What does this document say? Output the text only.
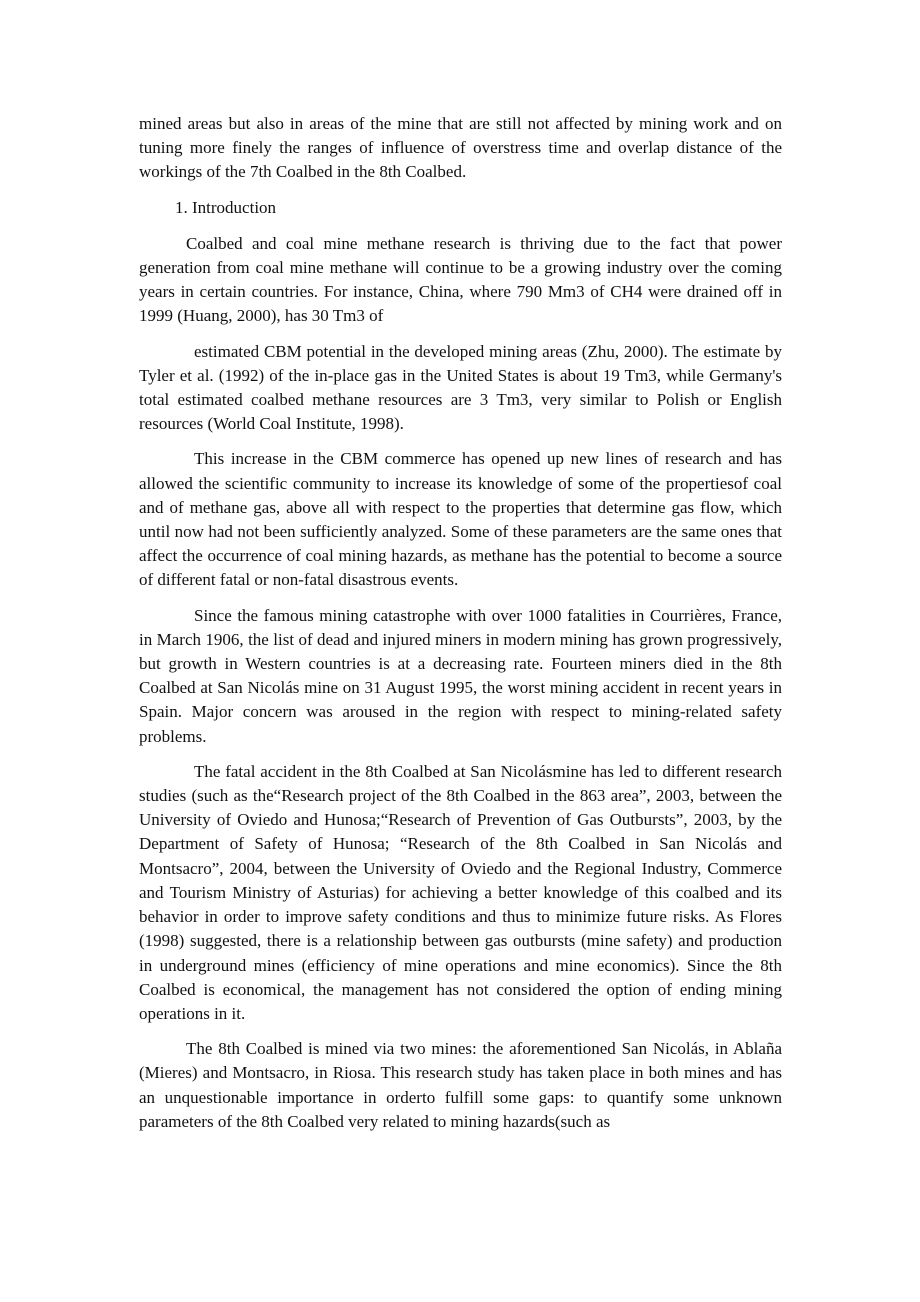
mined areas but also in areas of the mine that are still not affected by mining work and on tuning more finely the ranges of influence of overstress time and overlap distance of the workings of the 7th Coalbed in the 8th Coalbed.

1. Introduction

Coalbed and coal mine methane research is thriving due to the fact that power generation from coal mine methane will continue to be a growing industry over the coming years in certain countries. For instance, China, where 790 Mm3 of CH4 were drained off in 1999 (Huang, 2000), has 30 Tm3 of

estimated CBM potential in the developed mining areas (Zhu, 2000). The estimate by Tyler et al. (1992) of the in-place gas in the United States is about 19 Tm3, while Germany's total estimated coalbed methane resources are 3 Tm3, very similar to Polish or English resources (World Coal Institute, 1998).

This increase in the CBM commerce has opened up new lines of research and has allowed the scientific community to increase its knowledge of some of the propertiesof coal and of methane gas, above all with respect to the properties that determine gas flow, which until now had not been sufficiently analyzed. Some of these parameters are the same ones that affect the occurrence of coal mining hazards, as methane has the potential to become a source of different fatal or non-fatal disastrous events.

Since the famous mining catastrophe with over 1000 fatalities in Courrières, France, in March 1906, the list of dead and injured miners in modern mining has grown progressively, but growth in Western countries is at a decreasing rate. Fourteen miners died in the 8th Coalbed at San Nicolás mine on 31 August 1995, the worst mining accident in recent years in Spain. Major concern was aroused in the region with respect to mining-related safety problems.

The fatal accident in the 8th Coalbed at San Nicolásmine has led to different research studies (such as the“Research project of the 8th Coalbed in the 863 area”, 2003, between the University of Oviedo and Hunosa;“Research of Prevention of Gas Outbursts”, 2003, by the Department of Safety of Hunosa; “Research of the 8th Coalbed in San Nicolás and Montsacro”, 2004, between the University of Oviedo and the Regional Industry, Commerce and Tourism Ministry of Asturias) for achieving a better knowledge of this coalbed and its behavior in order to improve safety conditions and thus to minimize future risks. As Flores (1998) suggested, there is a relationship between gas outbursts (mine safety) and production in underground mines (efficiency of mine operations and mine economics). Since the 8th Coalbed is economical, the management has not considered the option of ending mining operations in it.

The 8th Coalbed is mined via two mines: the aforementioned San Nicolás, in Ablaña (Mieres) and Montsacro, in Riosa. This research study has taken place in both mines and has an unquestionable importance in orderto fulfill some gaps: to quantify some unknown parameters of the 8th Coalbed very related to mining hazards(such as
